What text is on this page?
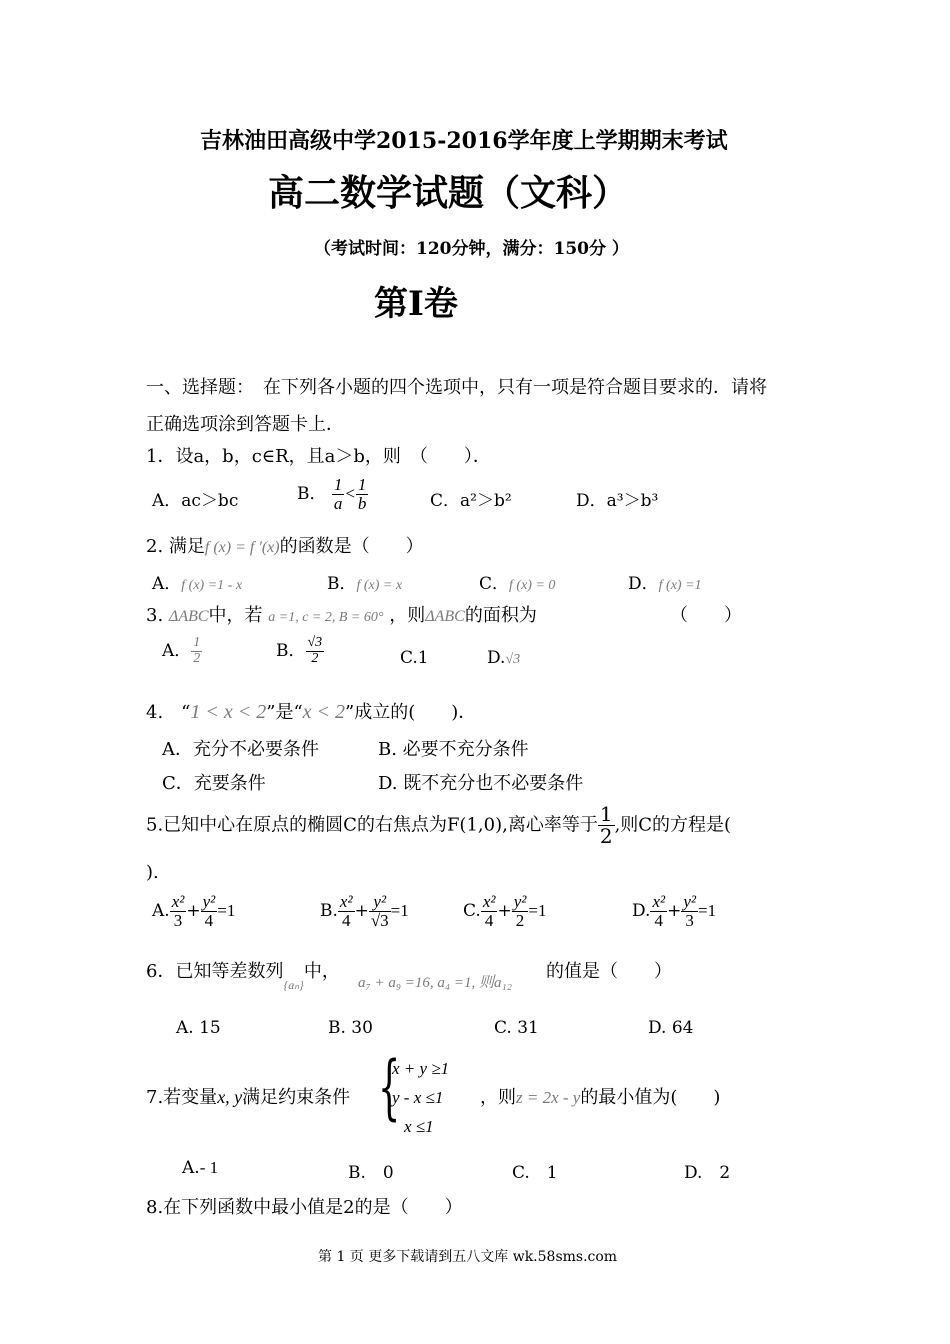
吉林油田高级中学2015-2016学年度上学期期末考试
高二数学试题（文科）
（考试时间：120分钟，满分：150分 ）
第Ⅰ卷
一、选择题：　在下列各小题的四个选项中，只有一项是符合题目要求的．请将
正确选项涂到答题卡上．
1．设a，b，c∈R，且a＞b，则　（　　）．
A．ac＞bc	B． $\frac{1}{a} < \frac{1}{b}$	C．a²＞b²	D．a³＞b³
2. 满足f (x) = f ′(x)的函数是（　　）
A．f (x) =1 - x	B．f (x) = x	C．f (x) = 0	D．f (x) =1
3. ΔABC中，若 a =1, c = 2, B = 60° ，则ΔABC的面积为	（　　）
A． $\frac{1}{2}$	B． $\frac{√3}{2}$	C.1	D.√3
4.　“1 < x < 2”是“x < 2”成立的(　　)．
A．充分不必要条件	B. 必要不充分条件
C．充要条件	D. 既不充分也不必要条件
5.已知中心在原点的椭圆C的右焦点为F(1,0),离心率等于 $\frac{1}{2}$ ,则C的方程是(
).
A. $\frac{\text{x²}}{3} + \frac{\text{y²}}{4} =1$	B. $\frac{\text{x²}}{4} + \frac{\text{y²}}{√3} =1$	C. $\frac{\text{x²}}{4} + \frac{\text{y²}}{2} =1$	D. $\frac{\text{x²}}{4} + \frac{\text{y²}}{3} =1$
6．已知等差数列$_{\{a_n\}}$中，
a₇ + a₉ =16, a₄ =1, 则a₁₂
的值是（　　）
A. 15	B. 30	C. 31	D. 64
7.若变量x, y满足约束条件 {
x + y ≥1
y - x ≤1
x ≤1
，则z = 2x - y的最小值为(　　)
A.- 1	B.　0	C.　1	D.　2
8.在下列函数中最小值是2的是（　　）
第 1 页 更多下载请到五八文库 wk.58sms.com
